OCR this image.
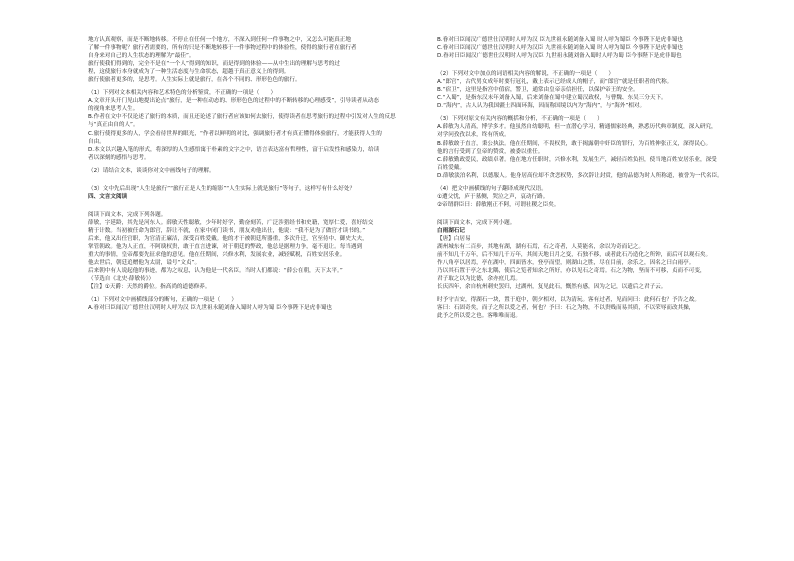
地方认真观察，而是不断地转移。不停止在任何一个地方，不深入到任何一件事物之中，又怎么可能真正地

了解一件事物呢？旅行者需要的，所有的只是不断地转移于一件事物过程中的体验性，使得的旅行者在旅行者

自身来对自己的人生状态的理解为“最佳”。

旅行使我们得到的，完全不是在“一个人”得到的知识，而是得到的体验——从中生出的理解与思考的过

程，这使旅行本身就成为了一种生活态度与生命状态，超越于真正意义上的得到。

旅行使旅者更多的，是思考。人生实际上就是旅行，在各个不同的、形形色色的旅行。

（1）下列对文本相关内容和艺术特色的分析鉴赏，不正确的一项是（　　）

A.文章开头开门见山地提出论点“旅行，是一种在动态的、形形色色的过程中的不断转移的心理感受”，引导读者从动态

的视角来思考人生。

B.作者在文中不仅论述了旅行的本质，而且还论述了旅行者应该如何去旅行，使得读者在思考旅行的过程中引发对人生的反思

与“真正由自的人”。

C.旅行使得更多的人，学会看待世界的眼光，“作者以鲜明的对比，强调旅行者才有真正懂得体验旅行，才能获得人生的

自由。

D.本文以兴趣入笔的形式，将深厚的人生感悟寓于朴素的文字之中，语言表达富有哲理性，富于启发性和感染力，给读

者以深刻的感悟与思考。

（2）请结合文本，谈谈你对文中画线句子的理解。

（3）文中先后出现“人生是旅行”“旅行正是人生的缩影”“人生实际上就是旅行”等句子，这样写有什么好处？

四、文言文阅读

阅读下面文本，完成下列各题。

薛敏，字延龄，其先是河东人。薛敏天性聪敏，少年时好学，勤奋刻苦，广泛涉猎经书和史籍，宽厚仁爱，喜好结交

精于计数。当初被任命为郎官，辞让不就，在家中闭门读书，朋友劝他出仕，他说：“我不是为了做官才读书的。”

后来，他又出任官职，为官清正廉洁，深受百姓爱戴。他的才干被朝廷所器重，多次升迁，官至侍中、御史大夫，

掌管朝政。他为人正直，不阿谀权贵，敢于直言进谏，对于朝廷的弊政，他总是据理力争，毫不退让。每当遇到

重大的事情，皇帝都要先征求他的意见。他在任期间，兴修水利，发展农业，减轻赋税，百姓安居乐业。

他去世后，朝廷追赠他为太尉，谥号“文贞”。

后来朝中有人说起他的事迹，都为之叹息，认为他是一代名臣。当时人们都说：“薛公在朝，天下太平。”

（节选自《北史·薛敏传》）

【注】①天爵：天然的爵位。指高尚的道德修养。

（1）下列对文中画横线部分的断句，正确的一项是（　　）

A.眷对曰臣闻汉广德世仕汉明时人呼为汉 臣九世祖永随刘备入蜀时人呼为蜀 臣今事陛下是虎非蜀也

B.眷对曰臣闻汉广德世仕汉明时人呼为汉 臣九世祖永随刘备入蜀 时人呼为蜀臣 今事陛下是虎非蜀也

C.眷对曰臣闻汉广德世仕汉明时人呼为汉臣 九世祖永随刘备入蜀 时人呼为蜀臣 今事陛下是虎非蜀也

D.眷对曰臣闻汉广德世仕汉明时人呼为汉臣 九世祖永随刘备入蜀时人呼为蜀 臣今事陛下是虎非蜀也

（2）下列对文中加点的词语相关内容的解说，不正确的一项是（　　）

A.“郎官”，古代男女成年时要行冠礼，戴上表示已经成人的帽子，而“郎官”就是任职者的代称。

B.“宿卫”，这里是指宫中值宿，警卫，通常由皇帝亲信担任，以保护帝王的安全。

C.“入蜀”，是指东汉末年刘备入蜀，后来刘备在蜀中建立蜀汉政权，与曹魏、东吴三分天下。

D.“海内”，古人认为我国疆土四面环海，因而称国境以内为“海内”，与“海外”相对。

（3）下列对原文有关内容的概括和分析，不正确的一项是（　　）

A.薛敏为人清高，博学多才。他虽然自幼聪明，但一直潜心学习，精通儒家经典，熟悉历代典章制度，深入研究，

对学问孜孜以求，终有所成。

B.薛敏敢于直言，秉公执法。他在任期间，不畏权贵，敢于揭露朝中奸臣的罪行，为百姓伸张正义，深得民心。

他的言行受到了皇帝的赞赏，被委以重任。

C.薛敏勤政爱民，政绩卓著。他在地方任职时，兴修水利，发展生产，减轻百姓负担，使当地百姓安居乐业，深受

百姓爱戴。

D.薛敏淡泊名利，以德服人。他身居高位却不贪恋权势，多次辞让封赏，他的品德为时人所称道，被誉为一代名臣。

（4）把文中画横线的句子翻译成现代汉语。

①遭父忧，庐于墓侧，哭泣之声，哀动行路。

②帝谓群臣曰：薛敏刚正不阿，可谓社稷之臣矣。

阅读下面文本，完成下列小题。

白雨湖石记

【唐】白居易

湖州城东有二百步，其地有湖，湖有石焉，石之奇者，人莫能名，余以为奇而记之。

前不知几千万年，后不知几千万年，其间天地日月之变，石独不移，或者此石乃造化之所钟，而后可以观石矣。

作八角亭以居焉，亭在湖中，四面皆水，登亭而望，则湖山之胜，尽在目前，余乐之，因名之曰白雨亭。

乃以其石置于亭之东北隅，使后之览者知余之所好，亦以见石之奇焉。石之为物，坚而不可移，贞而不可变，

君子取之以为比德，余亦庶几焉。

长庆四年，余自杭州刺史罢归，过湖州，复见此石，慨然有感，因为之记，以遗后之君子云。

时予守吉安，得湖石一块，置于庭中，朝夕相对，以为清玩。客有过者，见而问曰：此何石也？予告之故。

客曰：石固奇矣，而子之所以爱之者，何也？予曰：石之为物，不以贵贱而易其质，不以荣辱而改其操，

此予之所以爱之也。客唯唯而退。
